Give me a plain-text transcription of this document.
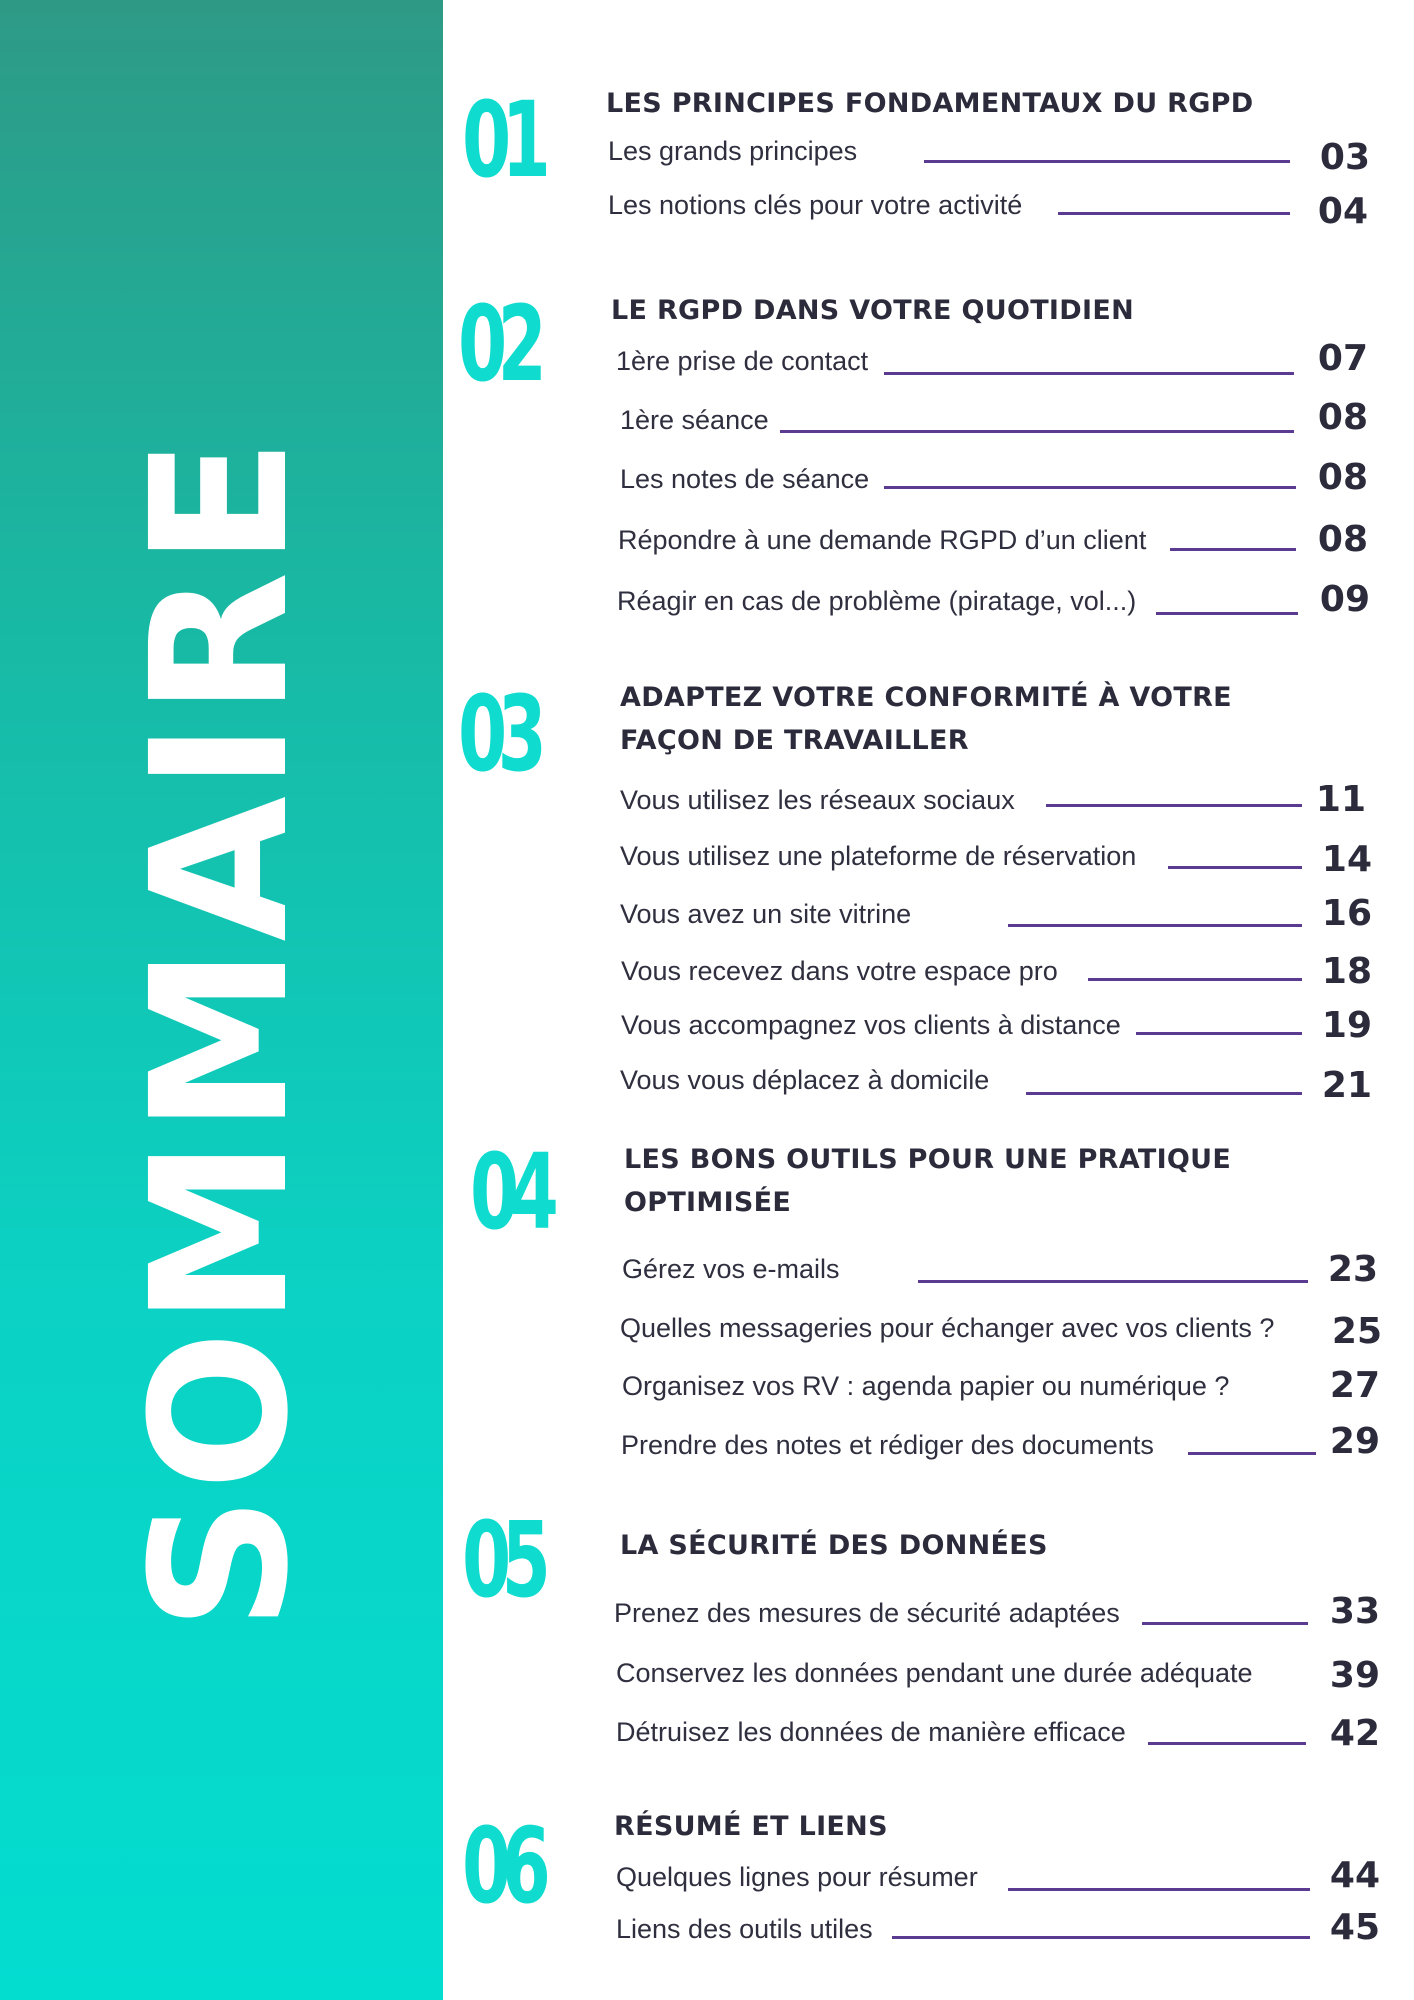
SOMMAIRE
01 LES PRINCIPES FONDAMENTAUX DU RGPD
Les grands principes	03
Les notions clés pour votre activité	04
02	LE RGPD DANS VOTRE QUOTIDIEN
1ère prise de contact	07
1ère séance	08
Les notes de séance	08
Répondre à une demande RGPD d’un client	08
Réagir en cas de problème (piratage, vol...)	09
03	ADAPTEZ VOTRE CONFORMITÉ À VOTRE FAÇON DE TRAVAILLER
Vous utilisez les réseaux sociaux	11
Vous utilisez une plateforme de réservation	14
Vous avez un site vitrine	16
Vous recevez dans votre espace pro	18
Vous accompagnez vos clients à distance	19
Vous vous déplacez à domicile	21
04	LES BONS OUTILS POUR UNE PRATIQUE OPTIMISÉE
Gérez vos e-mails	23
Quelles messageries pour échanger avec vos clients ?	25
Organisez vos RV : agenda papier ou numérique ?	27
Prendre des notes et rédiger des documents	29
05	LA SÉCURITÉ DES DONNÉES
Prenez des mesures de sécurité adaptées	33
Conservez les données pendant une durée adéquate	39
Détruisez les données de manière efficace	42
06	RÉSUMÉ ET LIENS
Quelques lignes pour résumer	44
Liens des outils utiles	45
